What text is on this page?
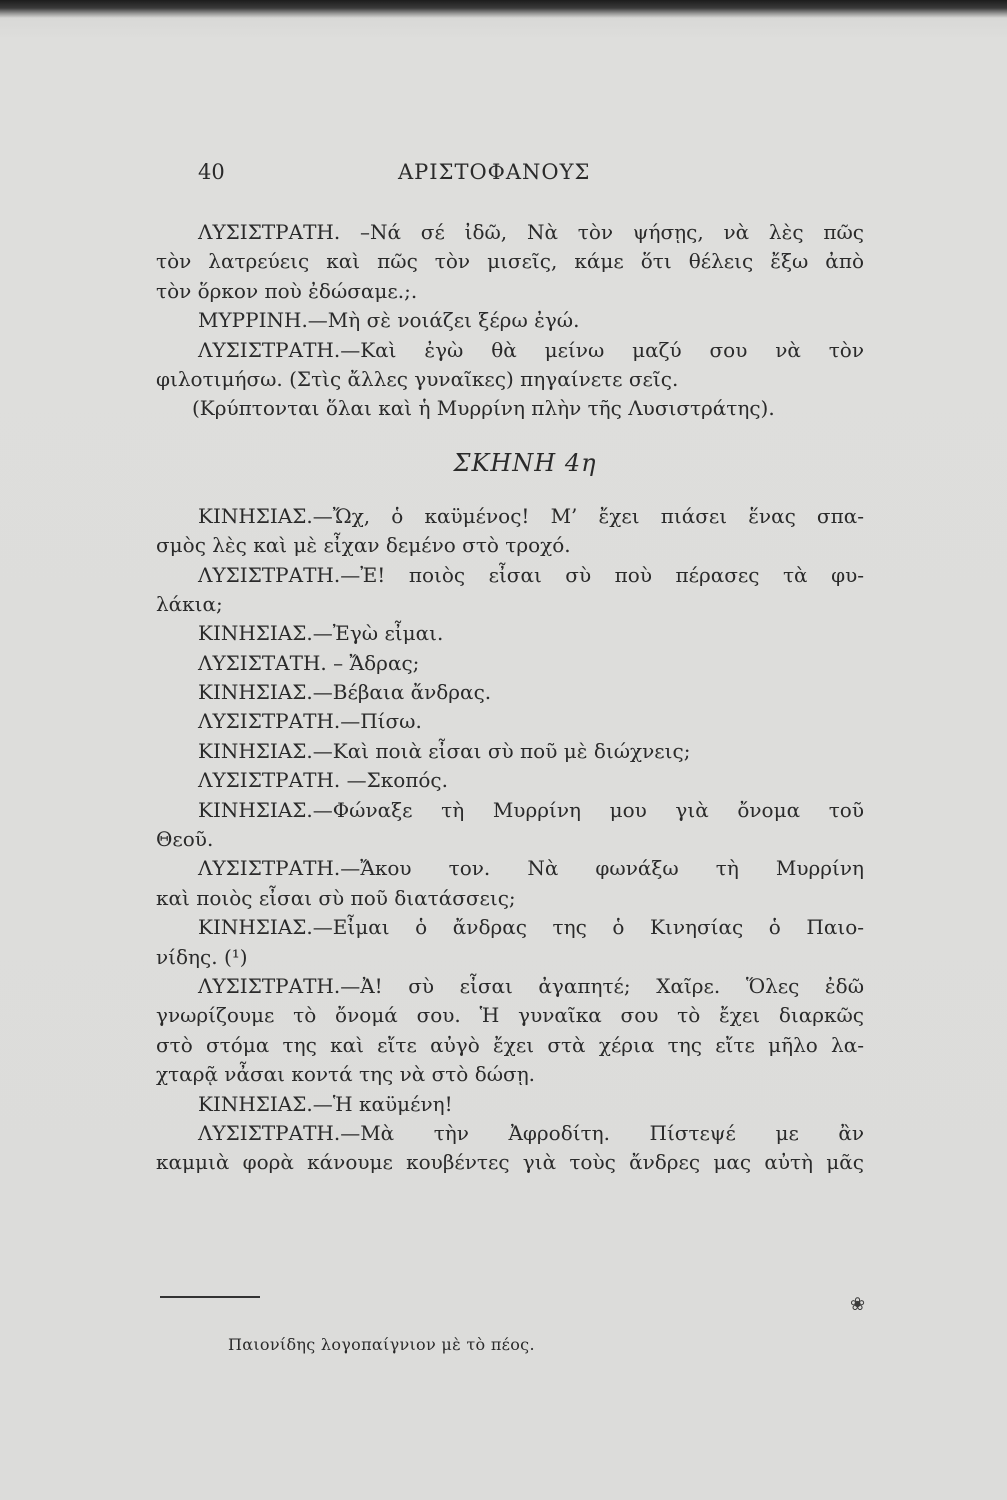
40	ΑΡΙΣΤΟΦΑΝΟΥΣ
ΛΥΣΙΣΤΡΑΤΗ. –Νά σέ ἰδῶ, Νὰ τὸν ψήσῃς, νὰ λὲς πῶς
τὸν λατρεύεις καὶ πῶς τὸν μισεῖς, κάμε ὅτι θέλεις ἔξω ἀπὸ
τὸν ὅρκον ποὺ ἐδώσαμε.;.
ΜΥΡΡΙΝΗ.—Μὴ σὲ νοιάζει ξέρω ἐγώ.
ΛΥΣΙΣΤΡΑΤΗ.—Καὶ ἐγὼ θὰ μείνω μαζύ σου νὰ τὸν
φιλοτιμήσω. (Στὶς ἄλλες γυναῖκες) πηγαίνετε σεῖς.
(Κρύπτονται ὅλαι καὶ ἡ Μυρρίνη πλὴν τῆς Λυσιστράτης).
ΣΚΗΝΗ 4η
ΚΙΝΗΣΙΑΣ.—Ὤχ, ὁ καϋμένος! Μ’ ἔχει πιάσει ἕνας σπα-
σμὸς λὲς καὶ μὲ εἶχαν δεμένο στὸ τροχό.
ΛΥΣΙΣΤΡΑΤΗ.—Ἐ! ποιὸς εἶσαι σὺ ποὺ πέρασες τὰ φυ-
λάκια;
ΚΙΝΗΣΙΑΣ.—Ἐγὼ εἶμαι.
ΛΥΣΙΣΤΑΤΗ. – Ἄδρας;
ΚΙΝΗΣΙΑΣ.—Βέβαια ἄνδρας.
ΛΥΣΙΣΤΡΑΤΗ.—Πίσω.
ΚΙΝΗΣΙΑΣ.—Καὶ ποιὰ εἶσαι σὺ ποῦ μὲ διώχνεις;
ΛΥΣΙΣΤΡΑΤΗ. —Σκοπός.
ΚΙΝΗΣΙΑΣ.—Φώναξε τὴ Μυρρίνη μου γιὰ ὄνομα τοῦ
Θεοῦ.
ΛΥΣΙΣΤΡΑΤΗ.—Ἄκου τον. Νὰ φωνάξω τὴ Μυρρίνη
καὶ ποιὸς εἶσαι σὺ ποῦ διατάσσεις;
ΚΙΝΗΣΙΑΣ.—Εἶμαι ὁ ἄνδρας της ὁ Κινησίας ὁ Παιο-
νίδης. (¹)
ΛΥΣΙΣΤΡΑΤΗ.—Ἀ! σὺ εἶσαι ἀγαπητέ; Χαῖρε. Ὅλες ἐδῶ
γνωρίζουμε τὸ ὄνομά σου. Ἡ γυναῖκα σου τὸ ἔχει διαρκῶς
στὸ στόμα της καὶ εἴτε αὐγὸ ἔχει στὰ χέρια της εἴτε μῆλο λα-
χταρᾷ νἆσαι κοντά της νὰ στὸ δώσῃ.
ΚΙΝΗΣΙΑΣ.—Ἡ καϋμένη!
ΛΥΣΙΣΤΡΑΤΗ.—Μὰ τὴν Ἀφροδίτη. Πίστεψέ με ἂν
καμμιὰ φορὰ κάνουμε κουβέντες γιὰ τοὺς ἄνδρες μας αὐτὴ μᾶς
❀
Παιονίδης λογοπαίγνιον μὲ τὸ πέος.
